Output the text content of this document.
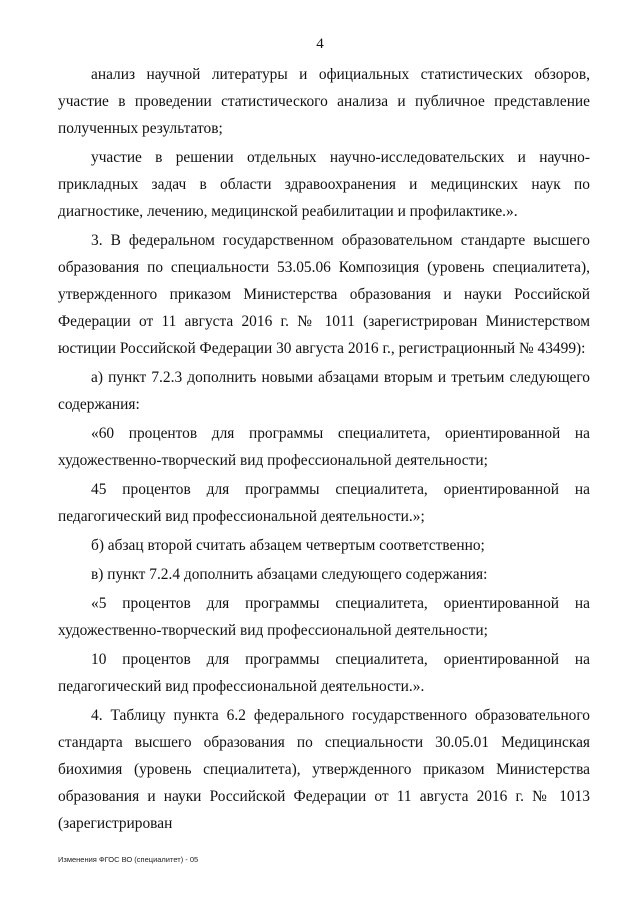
4

анализ научной литературы и официальных статистических обзоров, участие в проведении статистического анализа и публичное представление полученных результатов;

участие в решении отдельных научно-исследовательских и научно-прикладных задач в области здравоохранения и медицинских наук по диагностике, лечению, медицинской реабилитации и профилактике.».

3. В федеральном государственном образовательном стандарте высшего образования по специальности 53.05.06 Композиция (уровень специалитета), утвержденного приказом Министерства образования и науки Российской Федерации от 11 августа 2016 г. № 1011 (зарегистрирован Министерством юстиции Российской Федерации 30 августа 2016 г., регистрационный № 43499):

а) пункт 7.2.3 дополнить новыми абзацами вторым и третьим следующего содержания:

«60 процентов для программы специалитета, ориентированной на художественно-творческий вид профессиональной деятельности;

45 процентов для программы специалитета, ориентированной на педагогический вид профессиональной деятельности.»;

б) абзац второй считать абзацем четвертым соответственно;

в) пункт 7.2.4 дополнить абзацами следующего содержания:

«5 процентов для программы специалитета, ориентированной на художественно-творческий вид профессиональной деятельности;

10 процентов для программы специалитета, ориентированной на педагогический вид профессиональной деятельности.».

4. Таблицу пункта 6.2 федерального государственного образовательного стандарта высшего образования по специальности 30.05.01 Медицинская биохимия (уровень специалитета), утвержденного приказом Министерства образования и науки Российской Федерации от 11 августа 2016 г. № 1013 (зарегистрирован

Изменения ФГОС ВО (специалитет) - 05
